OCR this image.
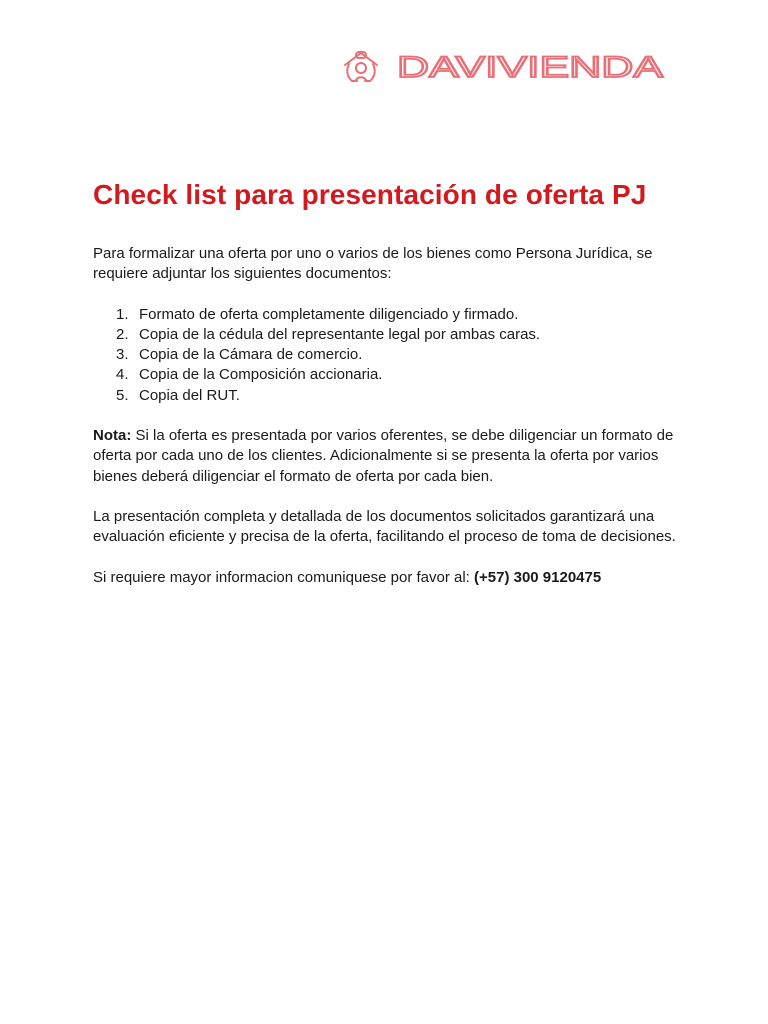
DAVIVIENDA
Check list para presentación de oferta PJ

Para formalizar una oferta por uno o varios de los bienes como Persona Jurídica, se requiere adjuntar los siguientes documentos:

1. Formato de oferta completamente diligenciado y firmado.
2. Copia de la cédula del representante legal por ambas caras.
3. Copia de la Cámara de comercio.
4. Copia de la Composición accionaria.
5. Copia del RUT.

Nota: Si la oferta es presentada por varios oferentes, se debe diligenciar un formato de oferta por cada uno de los clientes. Adicionalmente si se presenta la oferta por varios bienes deberá diligenciar el formato de oferta por cada bien.

La presentación completa y detallada de los documentos solicitados garantizará una evaluación eficiente y precisa de la oferta, facilitando el proceso de toma de decisiones.

Si requiere mayor informacion comuniquese por favor al: (+57) 300 9120475
